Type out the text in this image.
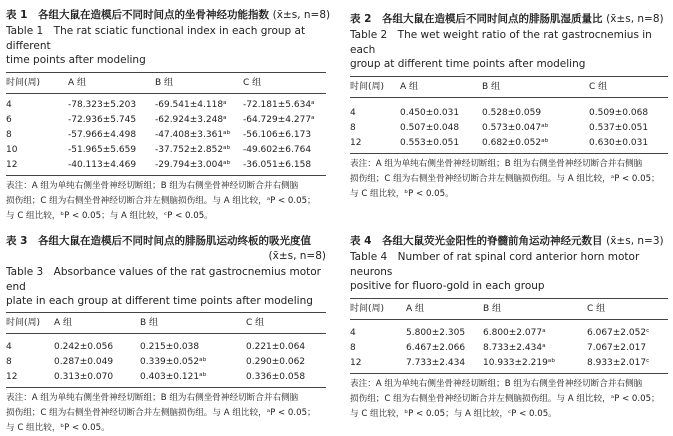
表 1　各组大鼠在造模后不同时间点的坐骨神经功能指数 (x̄±s, n=8)
Table 1　The rat sciatic functional index in each group at different
time points after modeling
时间(周)	A 组	B 组	C 组
4	-78.323±5.203	-69.541±4.118ᵃ	-72.181±5.634ᵃ
6	-72.936±5.745	-62.924±3.248ᵃ	-64.729±4.277ᵃ
8	-57.966±4.498	-47.408±3.361ᵃᵇ	-56.106±6.173
10	-51.965±5.659	-37.752±2.852ᵃᵇ	-49.602±6.764
12	-40.113±4.469	-29.794±3.004ᵃᵇ	-36.051±6.158
表注：A 组为单纯右侧坐骨神经切断组；B 组为右侧坐骨神经切断合并右侧脑
损伤组；C 组为右侧坐骨神经切断合并左侧脑损伤组。与 A 组比较，ᵃP < 0.05；
与 C 组比较，ᵇP < 0.05；与 A 组比较，ᶜP < 0.05。
表 2　各组大鼠在造模后不同时间点的腓肠肌湿质量比 (x̄±s, n=8)
Table 2　The wet weight ratio of the rat gastrocnemius in each
group at different time points after modeling
时间(周)	A 组	B 组	C 组
4	0.450±0.031	0.528±0.059	0.509±0.068
8	0.507±0.048	0.573±0.047ᵃᵇ	0.537±0.051
12	0.553±0.051	0.682±0.052ᵃᵇ	0.630±0.031
表注：A 组为单纯右侧坐骨神经切断组；B 组为右侧坐骨神经切断合并右侧脑
损伤组；C 组为右侧坐骨神经切断合并左侧脑损伤组。与 A 组比较，ᵃP < 0.05；
与 C 组比较，ᵇP < 0.05。
表 3　各组大鼠在造模后不同时间点的腓肠肌运动终板的吸光度值
(x̄±s, n=8)
Table 3　Absorbance values of the rat gastrocnemius motor end
plate in each group at different time points after modeling
时间(周)	A 组	B 组	C 组
4	0.242±0.056	0.215±0.038	0.221±0.064
8	0.287±0.049	0.339±0.052ᵃᵇ	0.290±0.062
12	0.313±0.070	0.403±0.121ᵃᵇ	0.336±0.058
表注：A 组为单纯右侧坐骨神经切断组；B 组为右侧坐骨神经切断合并右侧脑
损伤组；C 组为右侧坐骨神经切断合并左侧脑损伤组。与 A 组比较，ᵃP < 0.05；
与 C 组比较，ᵇP < 0.05。
表 4　各组大鼠荧光金阳性的脊髓前角运动神经元数目 (x̄±s, n=3)
Table 4　Number of rat spinal cord anterior horn motor neurons
positive for fluoro-gold in each group
时间(周)	A 组	B 组	C 组
4	5.800±2.305	6.800±2.077ᵃ	6.067±2.052ᶜ
8	6.467±2.066	8.733±2.434ᵃ	7.067±2.017
12	7.733±2.434	10.933±2.219ᵃᵇ	8.933±2.017ᶜ
表注：A 组为单纯右侧坐骨神经切断组；B 组为右侧坐骨神经切断合并右侧脑
损伤组；C 组为右侧坐骨神经切断合并左侧脑损伤组。与 A 组比较，ᵃP < 0.05；
与 C 组比较，ᵇP < 0.05；与 A 组比较，ᶜP < 0.05。
